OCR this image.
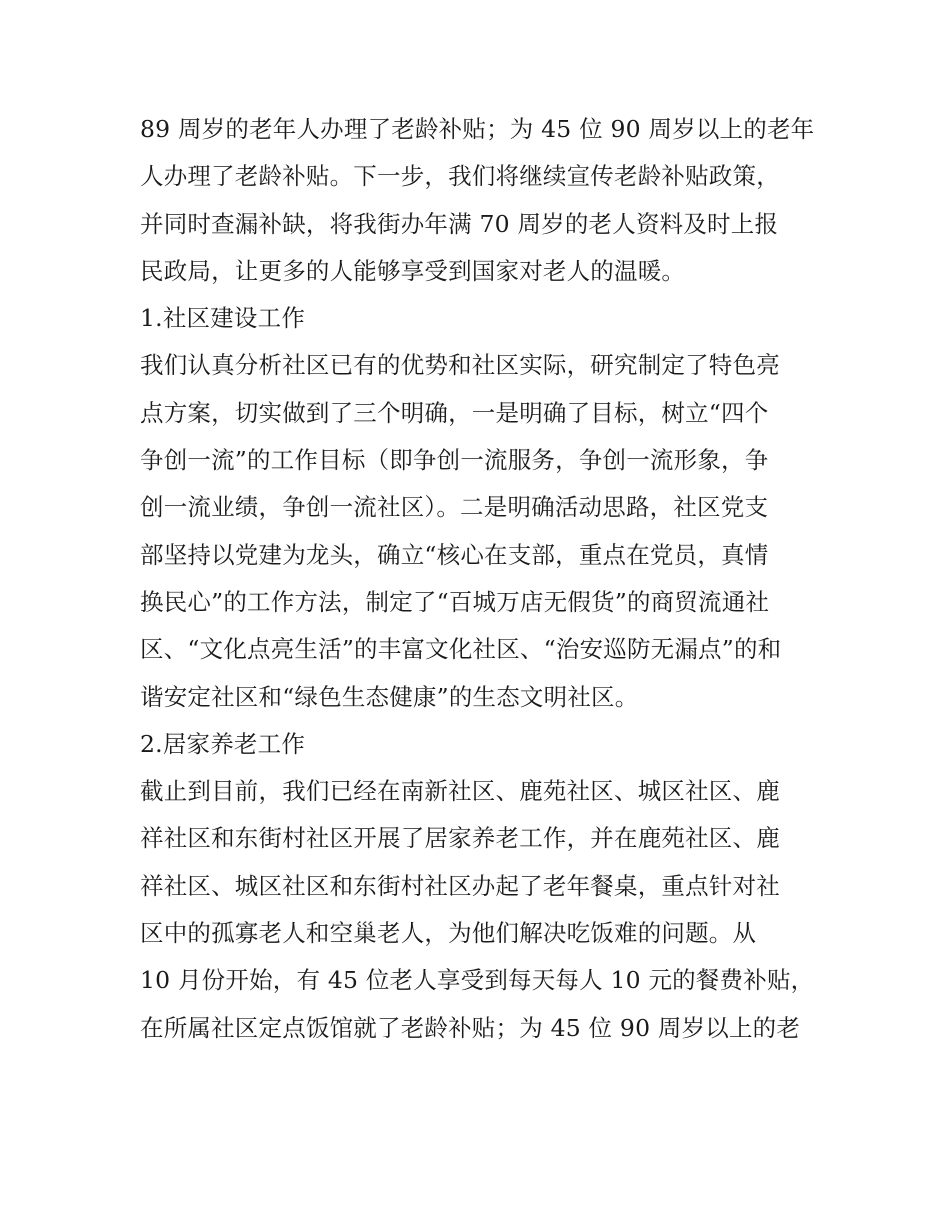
89 周岁的老年人办理了老龄补贴；为 45 位 90 周岁以上的老年
人办理了老龄补贴。下一步，我们将继续宣传老龄补贴政策，
并同时查漏补缺，将我街办年满 70 周岁的老人资料及时上报
民政局，让更多的人能够享受到国家对老人的温暖。
1.社区建设工作
我们认真分析社区已有的优势和社区实际，研究制定了特色亮
点方案，切实做到了三个明确，一是明确了目标，树立“四个
争创一流”的工作目标（即争创一流服务，争创一流形象，争
创一流业绩，争创一流社区）。二是明确活动思路，社区党支
部坚持以党建为龙头，确立“核心在支部，重点在党员，真情
换民心”的工作方法，制定了“百城万店无假货”的商贸流通社
区、“文化点亮生活”的丰富文化社区、“治安巡防无漏点”的和
谐安定社区和“绿色生态健康”的生态文明社区。
2.居家养老工作
截止到目前，我们已经在南新社区、鹿苑社区、城区社区、鹿
祥社区和东街村社区开展了居家养老工作，并在鹿苑社区、鹿
祥社区、城区社区和东街村社区办起了老年餐桌，重点针对社
区中的孤寡老人和空巢老人，为他们解决吃饭难的问题。从
10 月份开始，有 45 位老人享受到每天每人 10 元的餐费补贴，
在所属社区定点饭馆就了老龄补贴；为 45 位 90 周岁以上的老
